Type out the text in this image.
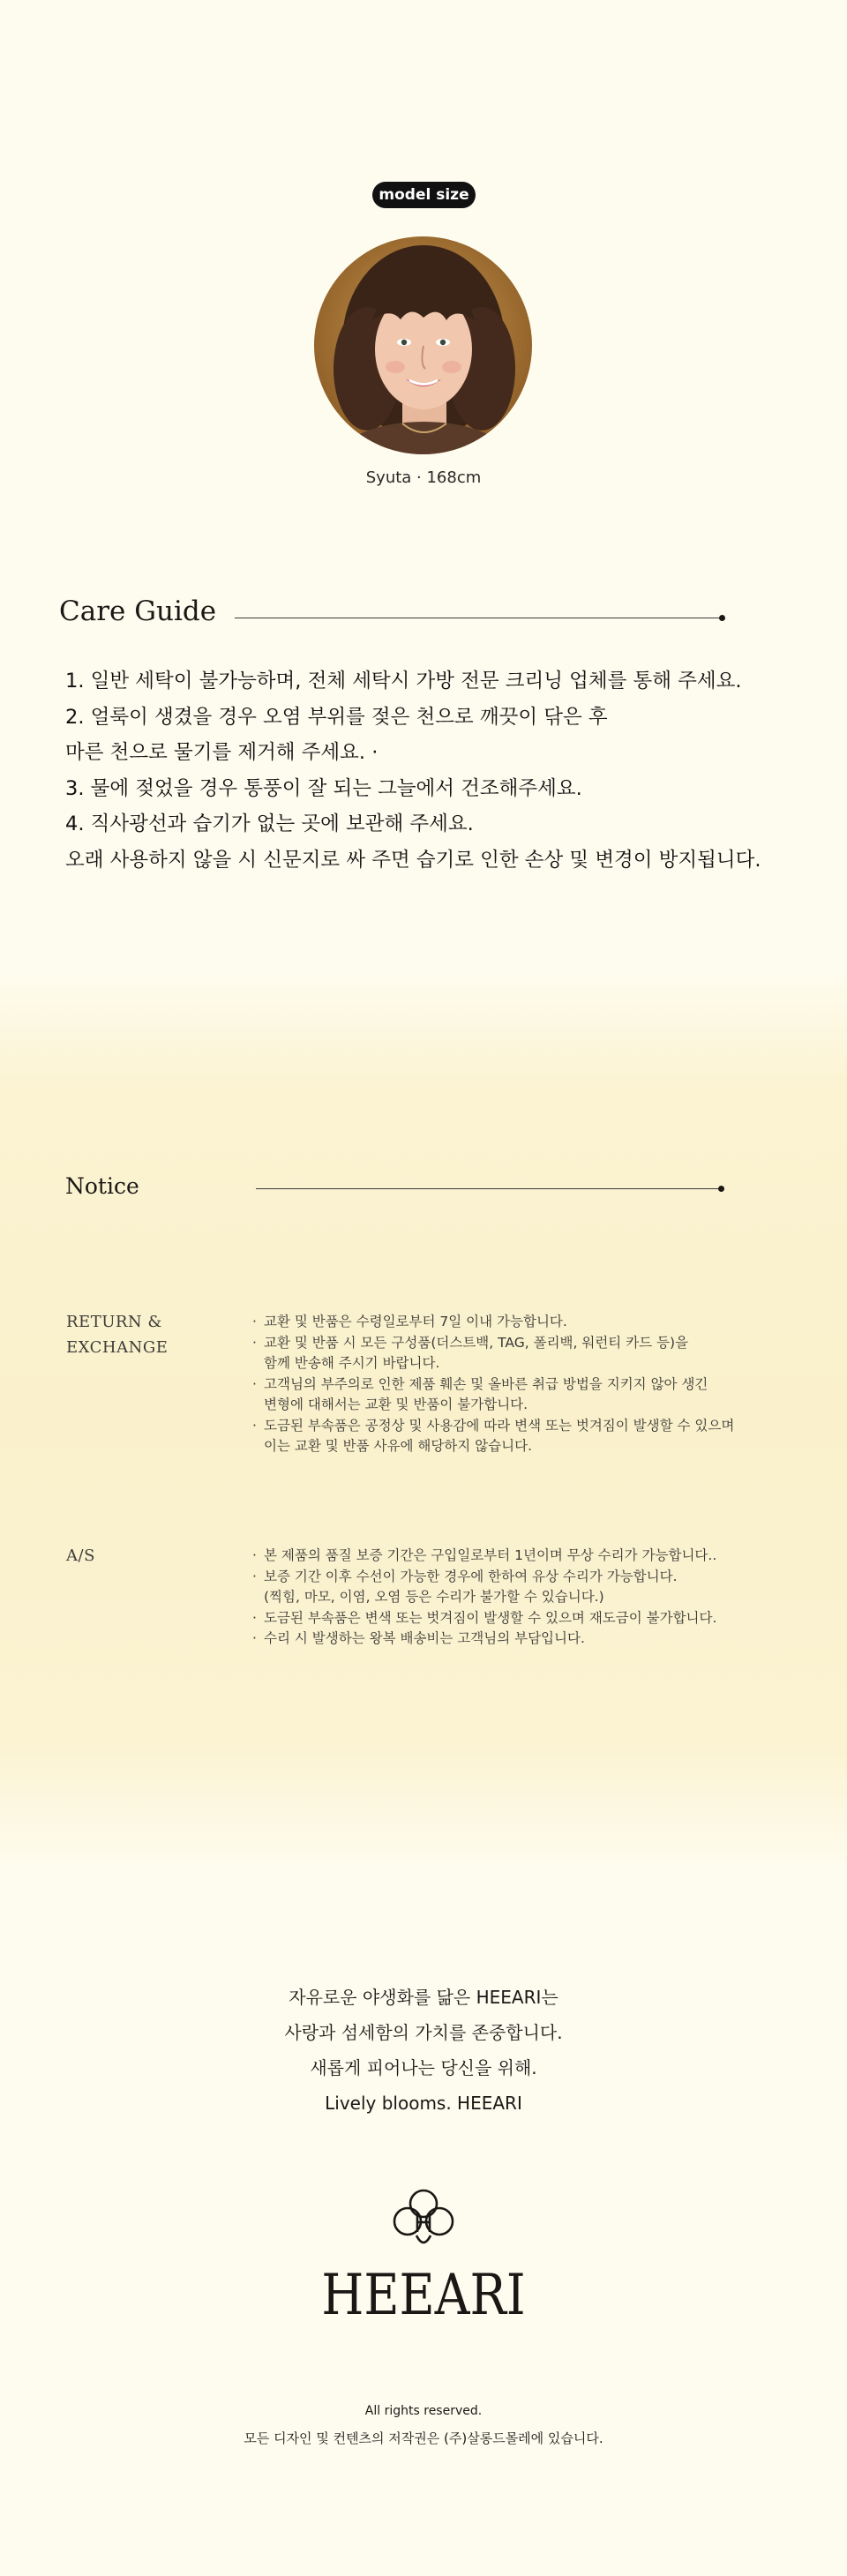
model size
Syuta · 168cm
Care Guide
1. 일반 세탁이 불가능하며, 전체 세탁시 가방 전문 크리닝 업체를 통해 주세요.
2. 얼룩이 생겼을 경우 오염 부위를 젖은 천으로 깨끗이 닦은 후
마른 천으로 물기를 제거해 주세요. ·
3. 물에 젖었을 경우 통풍이 잘 되는 그늘에서 건조해주세요.
4. 직사광선과 습기가 없는 곳에 보관해 주세요.
오래 사용하지 않을 시 신문지로 싸 주면 습기로 인한 손상 및 변경이 방지됩니다.
Notice
RETURN &
EXCHANGE
· 교환 및 반품은 수령일로부터 7일 이내 가능합니다.
· 교환 및 반품 시 모든 구성품(더스트백, TAG, 폴리백, 워런티 카드 등)을
함께 반송해 주시기 바랍니다.
· 고객님의 부주의로 인한 제품 훼손 및 올바른 취급 방법을 지키지 않아 생긴
변형에 대해서는 교환 및 반품이 불가합니다.
· 도금된 부속품은 공정상 및 사용감에 따라 변색 또는 벗겨짐이 발생할 수 있으며
이는 교환 및 반품 사유에 해당하지 않습니다.
A/S	· 본 제품의 품질 보증 기간은 구입일로부터 1년이며 무상 수리가 가능합니다..
· 보증 기간 이후 수선이 가능한 경우에 한하여 유상 수리가 가능합니다.
(찍힘, 마모, 이염, 오염 등은 수리가 불가할 수 있습니다.)
· 도금된 부속품은 변색 또는 벗겨짐이 발생할 수 있으며 재도금이 불가합니다.
· 수리 시 발생하는 왕복 배송비는 고객님의 부담입니다.
자유로운 야생화를 닮은 HEEARI는
사랑과 섬세함의 가치를 존중합니다.
새롭게 피어나는 당신을 위해.
Lively blooms. HEEARI
HEEARI
All rights reserved.
모든 디자인 및 컨텐츠의 저작권은 (주)살롱드몰레에 있습니다.
